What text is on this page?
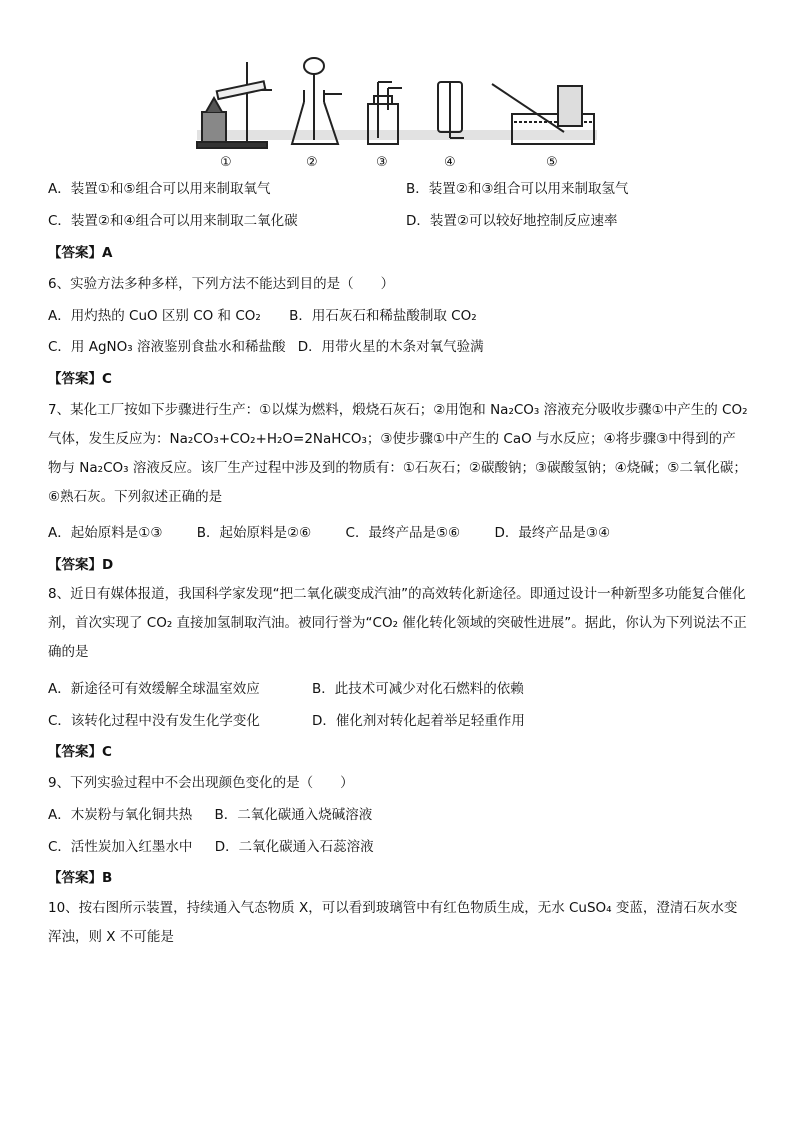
①	②	③	④	⑤
A．装置①和⑤组合可以用来制取氧气	B．装置②和③组合可以用来制取氢气
C．装置②和④组合可以用来制取二氧化碳	D．装置②可以较好地控制反应速率
【答案】A
6、实验方法多种多样，下列方法不能达到目的是（　　）
A．用灼热的 CuO 区别 CO 和 CO₂ B．用石灰石和稀盐酸制取 CO₂
C．用 AgNO₃ 溶液鉴别食盐水和稀盐酸 D．用带火星的木条对氧气验满
【答案】C
7、某化工厂按如下步骤进行生产：①以煤为燃料，煅烧石灰石；②用饱和 Na₂CO₃ 溶液充分吸收步骤①中产生的 CO₂ 气体，发生反应为：Na₂CO₃+CO₂+H₂O=2NaHCO₃；③使步骤①中产生的 CaO 与水反应；④将步骤③中得到的产物与 Na₂CO₃ 溶液反应。该厂生产过程中涉及到的物质有：①石灰石；②碳酸钠；③碳酸氢钠；④烧碱；⑤二氧化碳；⑥熟石灰。下列叙述正确的是
A．起始原料是①③	B．起始原料是②⑥	C．最终产品是⑤⑥	D．最终产品是③④
【答案】D
8、近日有媒体报道，我国科学家发现“把二氧化碳变成汽油”的高效转化新途径。即通过设计一种新型多功能复合催化剂，首次实现了 CO₂ 直接加氢制取汽油。被同行誉为“CO₂ 催化转化领域的突破性进展”。据此，你认为下列说法不正确的是
A．新途径可有效缓解全球温室效应	B．此技术可减少对化石燃料的依赖
C．该转化过程中没有发生化学变化	D．催化剂对转化起着举足轻重作用
【答案】C
9、下列实验过程中不会出现颜色变化的是（　　）
A．木炭粉与氧化铜共热 B．二氧化碳通入烧碱溶液
C．活性炭加入红墨水中 D．二氧化碳通入石蕊溶液
【答案】B
10、按右图所示装置，持续通入气态物质 X，可以看到玻璃管中有红色物质生成，无水 CuSO₄ 变蓝，澄清石灰水变浑浊，则 X 不可能是
